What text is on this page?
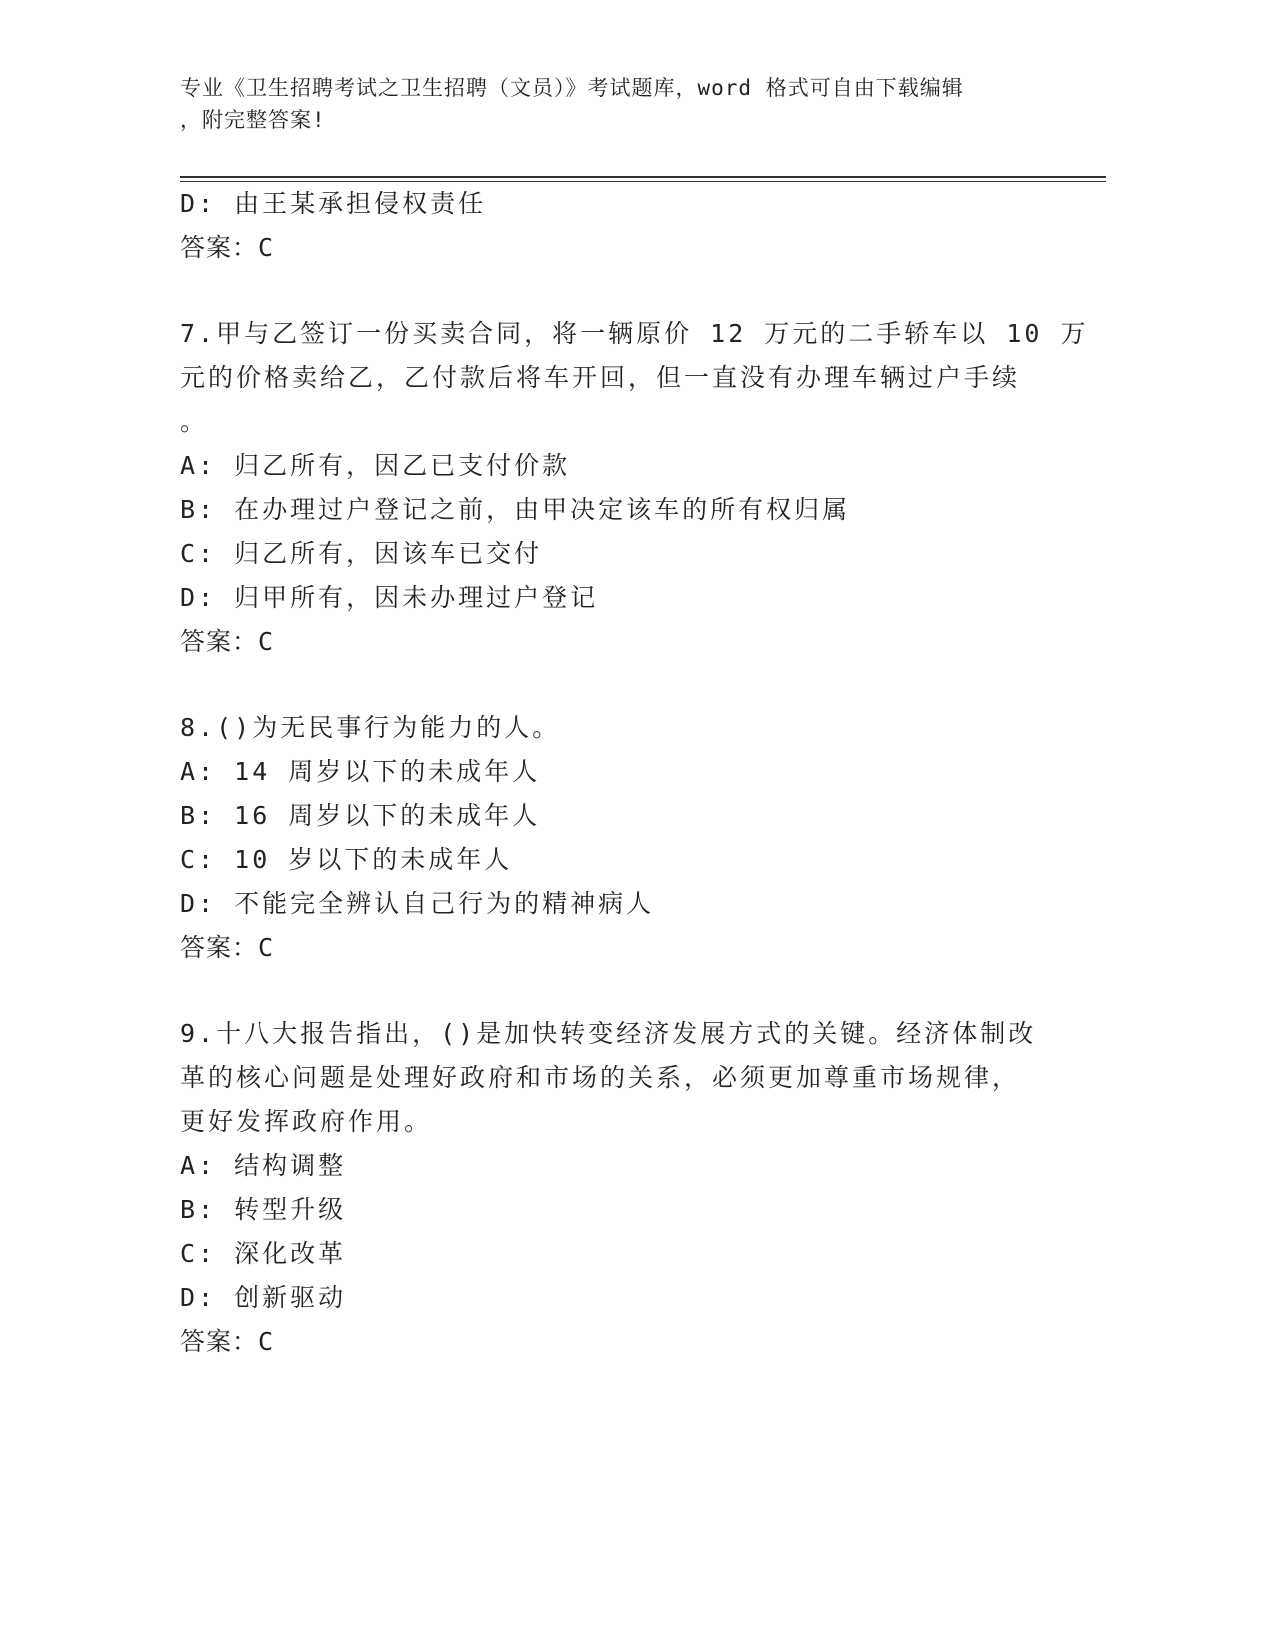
专业《卫生招聘考试之卫生招聘（文员）》考试题库，word 格式可自由下载编辑

，附完整答案!

D: 由王某承担侵权责任

答案：C

7.甲与乙签订一份买卖合同，将一辆原价 12 万元的二手轿车以 10 万

元的价格卖给乙，乙付款后将车开回，但一直没有办理车辆过户手续

。

A: 归乙所有，因乙已支付价款

B: 在办理过户登记之前，由甲决定该车的所有权归属

C: 归乙所有，因该车已交付

D: 归甲所有，因未办理过户登记

答案：C

8.()为无民事行为能力的人。

A: 14 周岁以下的未成年人

B: 16 周岁以下的未成年人

C: 10 岁以下的未成年人

D: 不能完全辨认自己行为的精神病人

答案：C

9.十八大报告指出，()是加快转变经济发展方式的关键。经济体制改

革的核心问题是处理好政府和市场的关系，必须更加尊重市场规律，

更好发挥政府作用。

A: 结构调整

B: 转型升级

C: 深化改革

D: 创新驱动

答案：C
